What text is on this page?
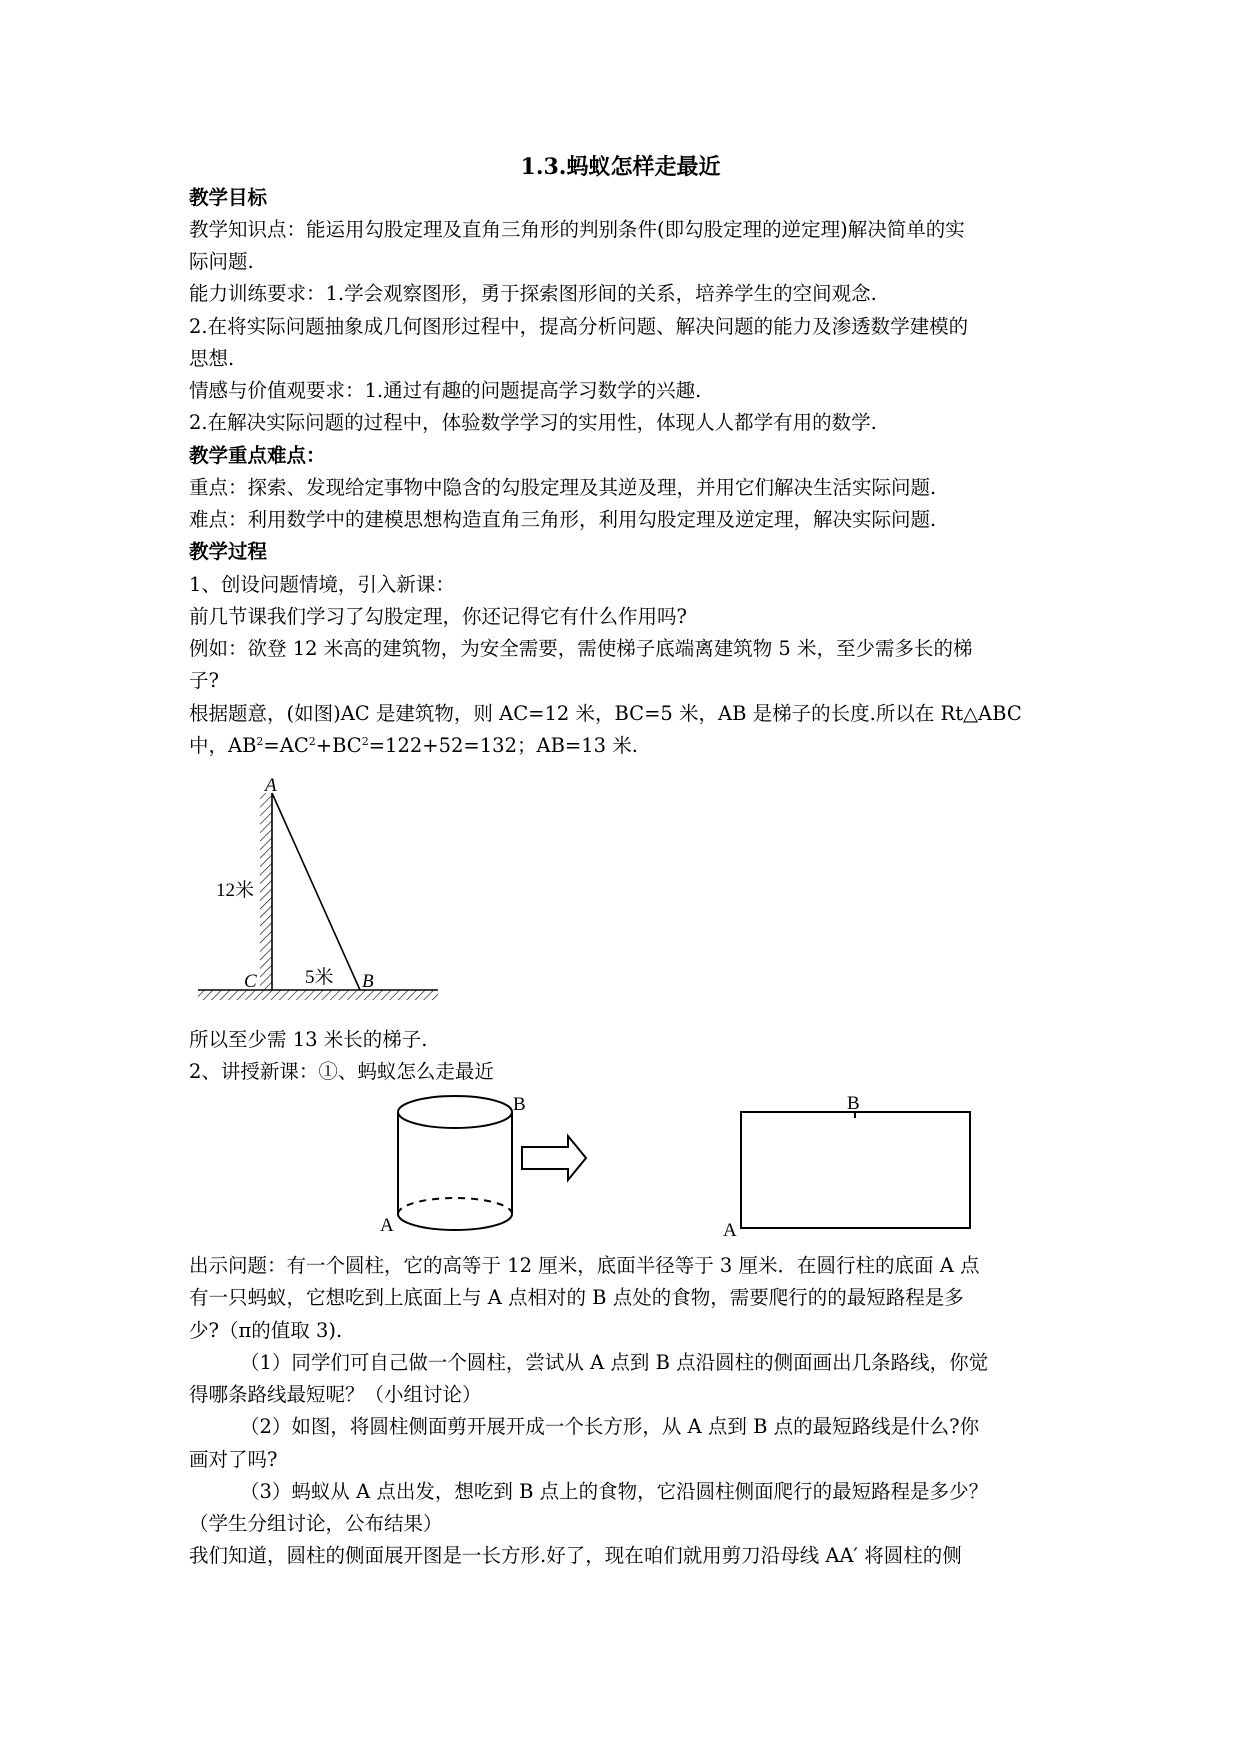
1.3.蚂蚁怎样走最近
教学目标
教学知识点：能运用勾股定理及直角三角形的判别条件(即勾股定理的逆定理)解决简单的实
际问题.
能力训练要求：1.学会观察图形，勇于探索图形间的关系，培养学生的空间观念.
2.在将实际问题抽象成几何图形过程中，提高分析问题、解决问题的能力及渗透数学建模的
思想.
情感与价值观要求：1.通过有趣的问题提高学习数学的兴趣.
2.在解决实际问题的过程中，体验数学学习的实用性，体现人人都学有用的数学.
教学重点难点：
重点：探索、发现给定事物中隐含的勾股定理及其逆及理，并用它们解决生活实际问题.
难点：利用数学中的建模思想构造直角三角形，利用勾股定理及逆定理，解决实际问题.
教学过程
1、创设问题情境，引入新课：
前几节课我们学习了勾股定理，你还记得它有什么作用吗?
例如：欲登 12 米高的建筑物，为安全需要，需使梯子底端离建筑物 5 米，至少需多长的梯
子?
根据题意，(如图)AC 是建筑物，则 AC=12 米，BC=5 米，AB 是梯子的长度.所以在 Rt△ABC
中，$AB^2=AC^2+BC^2=122+52=132$；AB=13 米.
A
12米
C	5米 B
所以至少需 13 米长的梯子.
2、讲授新课：①、蚂蚁怎么走最近
B
A
B
A
出示问题：有一个圆柱，它的高等于 12 厘米，底面半径等于 3 厘米．在圆行柱的底面 A 点
有一只蚂蚁，它想吃到上底面上与 A 点相对的 B 点处的食物，需要爬行的的最短路程是多
少?（π的值取 3).
（1）同学们可自己做一个圆柱，尝试从 A 点到 B 点沿圆柱的侧面画出几条路线，你觉
得哪条路线最短呢？（小组讨论）
（2）如图，将圆柱侧面剪开展开成一个长方形，从 A 点到 B 点的最短路线是什么?你
画对了吗?
（3）蚂蚁从 A 点出发，想吃到 B 点上的食物，它沿圆柱侧面爬行的最短路程是多少？
（学生分组讨论，公布结果）
我们知道，圆柱的侧面展开图是一长方形.好了，现在咱们就用剪刀沿母线 AA′ 将圆柱的侧
